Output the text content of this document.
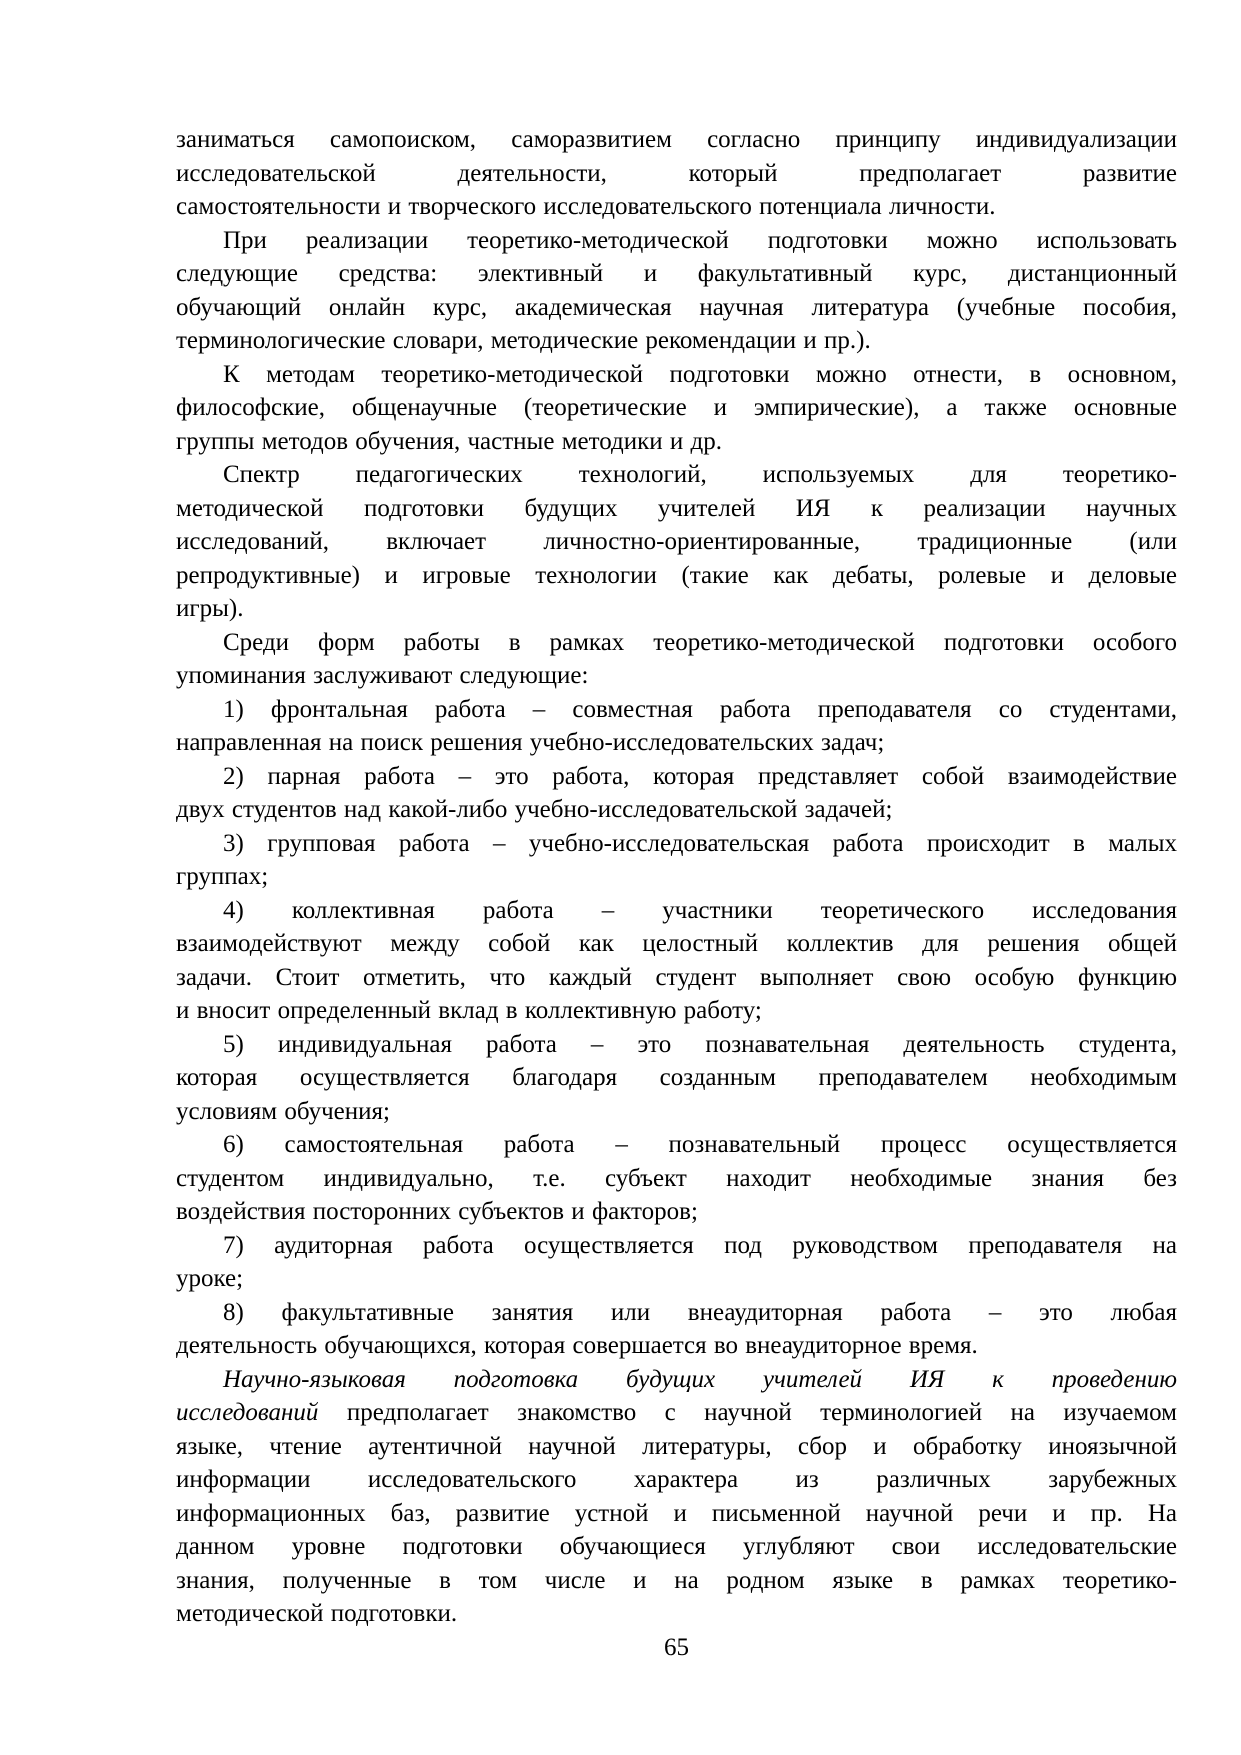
заниматься самопоиском, саморазвитием согласно принципу индивидуализации
исследовательской деятельности, который предполагает развитие
самостоятельности и творческого исследовательского потенциала личности.
При реализации теоретико-методической подготовки можно использовать
следующие средства: элективный и факультативный курс, дистанционный
обучающий онлайн курс, академическая научная литература (учебные пособия,
терминологические словари, методические рекомендации и пр.).
К методам теоретико-методической подготовки можно отнести, в основном,
философские, общенаучные (теоретические и эмпирические), а также основные
группы методов обучения, частные методики и др.
Спектр педагогических технологий, используемых для теоретико-
методической подготовки будущих учителей ИЯ к реализации научных
исследований, включает личностно-ориентированные, традиционные (или
репродуктивные) и игровые технологии (такие как дебаты, ролевые и деловые
игры).
Среди форм работы в рамках теоретико-методической подготовки особого
упоминания заслуживают следующие:
1) фронтальная работа – совместная работа преподавателя со студентами,
направленная на поиск решения учебно-исследовательских задач;
2) парная работа – это работа, которая представляет собой взаимодействие
двух студентов над какой-либо учебно-исследовательской задачей;
3) групповая работа – учебно-исследовательская работа происходит в малых
группах;
4) коллективная работа – участники теоретического исследования
взаимодействуют между собой как целостный коллектив для решения общей
задачи. Стоит отметить, что каждый студент выполняет свою особую функцию
и вносит определенный вклад в коллективную работу;
5) индивидуальная работа – это познавательная деятельность студента,
которая осуществляется благодаря созданным преподавателем необходимым
условиям обучения;
6) самостоятельная работа – познавательный процесс осуществляется
студентом индивидуально, т.е. субъект находит необходимые знания без
воздействия посторонних субъектов и факторов;
7) аудиторная работа осуществляется под руководством преподавателя на
уроке;
8) факультативные занятия или внеаудиторная работа – это любая
деятельность обучающихся, которая совершается во внеаудиторное время.
Научно-языковая подготовка будущих учителей ИЯ к проведению
исследований предполагает знакомство с научной терминологией на изучаемом
языке, чтение аутентичной научной литературы, сбор и обработку иноязычной
информации исследовательского характера из различных зарубежных
информационных баз, развитие устной и письменной научной речи и пр. На
данном уровне подготовки обучающиеся углубляют свои исследовательские
знания, полученные в том числе и на родном языке в рамках теоретико-
методической подготовки.
65
